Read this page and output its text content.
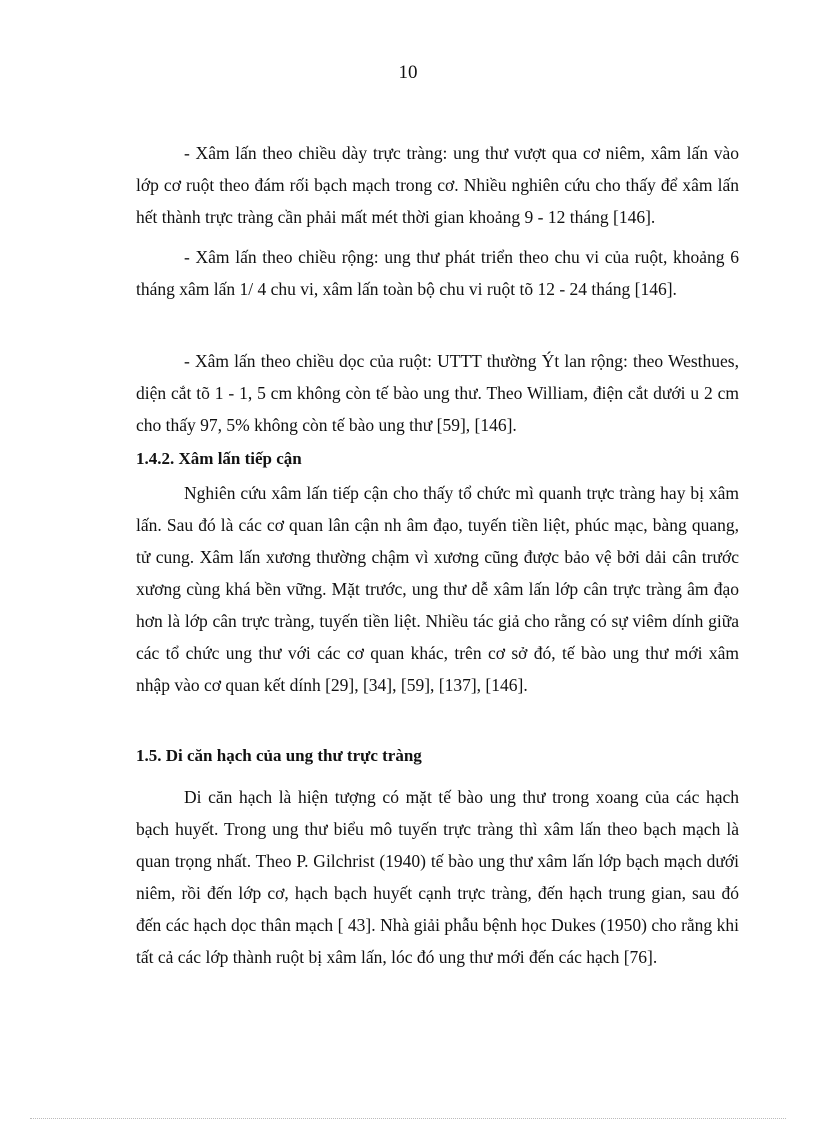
10

- Xâm lấn theo chiều dày trực tràng: ung thư vượt qua cơ niêm, xâm lấn vào lớp cơ ruột theo đám rối bạch mạch trong cơ. Nhiều nghiên cứu cho thấy để xâm lấn hết thành trực tràng cần phải mất mét thời gian khoảng 9 - 12 tháng [146].

- Xâm lấn theo chiều rộng: ung thư phát triển theo chu vi của ruột, khoảng 6 tháng xâm lấn 1/ 4 chu vi, xâm lấn toàn bộ chu vi ruột tõ 12 - 24 tháng [146].

- Xâm lấn theo chiều dọc của ruột: UTTT thường Ýt lan rộng: theo Westhues, diện cắt tõ 1 - 1, 5 cm không còn tế bào ung thư. Theo William, điện cắt dưới u 2 cm cho thấy 97, 5% không còn tế bào ung thư [59], [146].

1.4.2. Xâm lấn tiếp cận

Nghiên cứu xâm lấn tiếp cận cho thấy tổ chức mì quanh trực tràng hay bị xâm lấn. Sau đó là các cơ quan lân cận nh âm đạo, tuyến tiền liệt, phúc mạc, bàng quang, tử cung. Xâm lấn xương thường chậm vì xương cũng được bảo vệ bởi dải cân trước xương cùng khá bền vững. Mặt trước, ung thư dễ xâm lấn lớp cân trực tràng âm đạo hơn là lớp cân trực tràng, tuyến tiền liệt. Nhiều tác giả cho rằng có sự viêm dính giữa các tổ chức ung thư với các cơ quan khác, trên cơ sở đó, tế bào ung thư mới xâm nhập vào cơ quan kết dính [29], [34], [59], [137], [146].

1.5. Di căn hạch của ung thư trực tràng

Di căn hạch là hiện tượng có mặt tế bào ung thư trong xoang của các hạch bạch huyết. Trong ung thư biểu mô tuyến trực tràng thì xâm lấn theo bạch mạch là quan trọng nhất. Theo P. Gilchrist (1940) tế bào ung thư xâm lấn lớp bạch mạch dưới niêm, rồi đến lớp cơ, hạch bạch huyết cạnh trực tràng, đến hạch trung gian, sau đó đến các hạch dọc thân mạch [ 43]. Nhà giải phẫu bệnh học Dukes (1950) cho rằng khi tất cả các lớp thành ruột bị xâm lấn, lóc đó ung thư mới đến các hạch [76].
